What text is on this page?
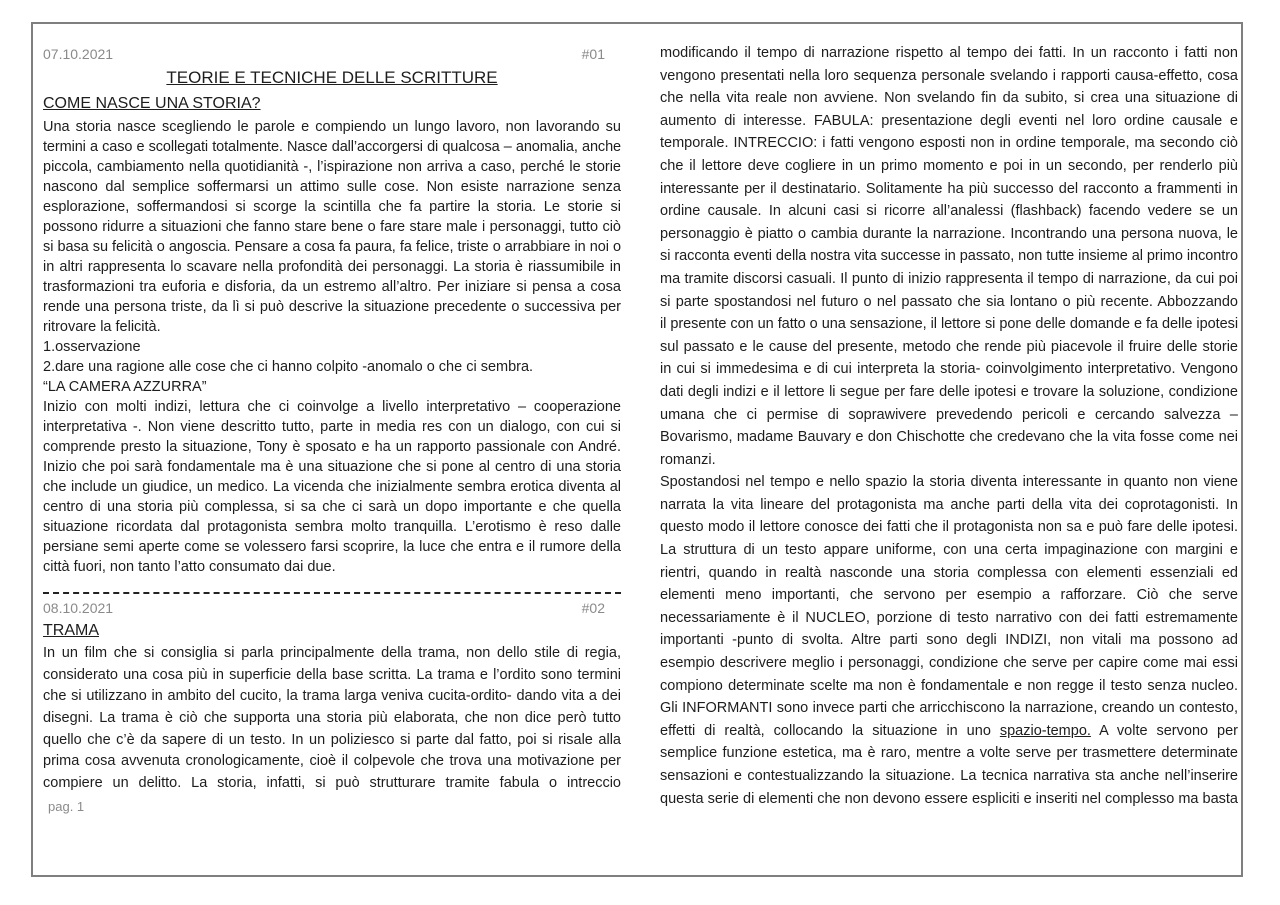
07.10.2021	#01
TEORIE E TECNICHE DELLE SCRITTURE
COME NASCE UNA STORIA?
Una storia nasce scegliendo le parole e compiendo un lungo lavoro, non lavorando su
termini a caso e scollegati totalmente. Nasce dall’accorgersi di qualcosa – anomalia, anche
piccola, cambiamento nella quotidianità -, l’ispirazione non arriva a caso, perché le storie
nascono dal semplice soffermarsi un attimo sulle cose. Non esiste narrazione senza
esplorazione, soffermandosi si scorge la scintilla che fa partire la storia. Le storie si
possono ridurre a situazioni che fanno stare bene o fare stare male i personaggi, tutto ciò
si basa su felicità o angoscia. Pensare a cosa fa paura, fa felice, triste o arrabbiare in noi o
in altri rappresenta lo scavare nella profondità dei personaggi. La storia è riassumibile in
trasformazioni tra euforia e disforia, da un estremo all’altro. Per iniziare si pensa a cosa
rende una persona triste, da lì si può descrive la situazione precedente o successiva per
ritrovare la felicità.
1.osservazione
2.dare una ragione alle cose che ci hanno colpito -anomalo o che ci sembra.
“LA CAMERA AZZURRA”
Inizio con molti indizi, lettura che ci coinvolge a livello interpretativo – cooperazione
interpretativa -. Non viene descritto tutto, parte in media res con un dialogo, con cui si
comprende presto la situazione, Tony è sposato e ha un rapporto passionale con André.
Inizio che poi sarà fondamentale ma è una situazione che si pone al centro di una storia
che include un giudice, un medico. La vicenda che inizialmente sembra erotica diventa al
centro di una storia più complessa, si sa che ci sarà un dopo importante e che quella
situazione ricordata dal protagonista sembra molto tranquilla. L’erotismo è reso dalle
persiane semi aperte come se volessero farsi scoprire, la luce che entra e il rumore della
città fuori, non tanto l’atto consumato dai due.
08.10.2021	#02
TRAMA
In un film che si consiglia si parla principalmente della trama, non dello stile di regia,
considerato una cosa più in superficie della base scritta. La trama e l’ordito sono termini
che si utilizzano in ambito del cucito, la trama larga veniva cucita-ordito- dando vita a dei
disegni. La trama è ciò che supporta una storia più elaborata, che non dice però tutto
quello che c’è da sapere di un testo. In un poliziesco si parte dal fatto, poi si risale alla
prima cosa avvenuta cronologicamente, cioè il colpevole che trova una motivazione per
compiere un delitto. La storia, infatti, si può strutturare tramite fabula o intreccio
pag. 1
modificando il tempo di narrazione rispetto al tempo dei fatti. In un racconto i fatti non
vengono presentati nella loro sequenza personale svelando i rapporti causa-effetto, cosa
che nella vita reale non avviene. Non svelando fin da subito, si crea una situazione di
aumento di interesse. FABULA: presentazione degli eventi nel loro ordine causale e
temporale. INTRECCIO: i fatti vengono esposti non in ordine temporale, ma secondo ciò
che il lettore deve cogliere in un primo momento e poi in un secondo, per renderlo più
interessante per il destinatario. Solitamente ha più successo del racconto a frammenti in
ordine causale. In alcuni casi si ricorre all’analessi (flashback) facendo vedere se un
personaggio è piatto o cambia durante la narrazione. Incontrando una persona nuova, le
si racconta eventi della nostra vita successe in passato, non tutte insieme al primo incontro
ma tramite discorsi casuali. Il punto di inizio rappresenta il tempo di narrazione, da cui poi
si parte spostandosi nel futuro o nel passato che sia lontano o più recente. Abbozzando
il presente con un fatto o una sensazione, il lettore si pone delle domande e fa delle ipotesi
sul passato e le cause del presente, metodo che rende più piacevole il fruire delle storie
in cui si immedesima e di cui interpreta la storia- coinvolgimento interpretativo. Vengono
dati degli indizi e il lettore li segue per fare delle ipotesi e trovare la soluzione, condizione
umana che ci permise di soprawivere prevedendo pericoli e cercando salvezza –
Bovarismo, madame Bauvary e don Chischotte che credevano che la vita fosse come nei
romanzi.
Spostandosi nel tempo e nello spazio la storia diventa interessante in quanto non viene
narrata la vita lineare del protagonista ma anche parti della vita dei coprotagonisti. In
questo modo il lettore conosce dei fatti che il protagonista non sa e può fare delle ipotesi.
La struttura di un testo appare uniforme, con una certa impaginazione con margini e
rientri, quando in realtà nasconde una storia complessa con elementi essenziali ed
elementi meno importanti, che servono per esempio a rafforzare. Ciò che serve
necessariamente è il NUCLEO, porzione di testo narrativo con dei fatti estremamente
importanti -punto di svolta. Altre parti sono degli INDIZI, non vitali ma possono ad
esempio descrivere meglio i personaggi, condizione che serve per capire come mai essi
compiono determinate scelte ma non è fondamentale e non regge il testo senza nucleo.
Gli INFORMANTI sono invece parti che arricchiscono la narrazione, creando un contesto,
effetti di realtà, collocando la situazione in uno spazio-tempo. A volte servono per
semplice funzione estetica, ma è raro, mentre a volte serve per trasmettere determinate
sensazioni e contestualizzando la situazione. La tecnica narrativa sta anche nell’inserire
questa serie di elementi che non devono essere espliciti e inseriti nel complesso ma basta
